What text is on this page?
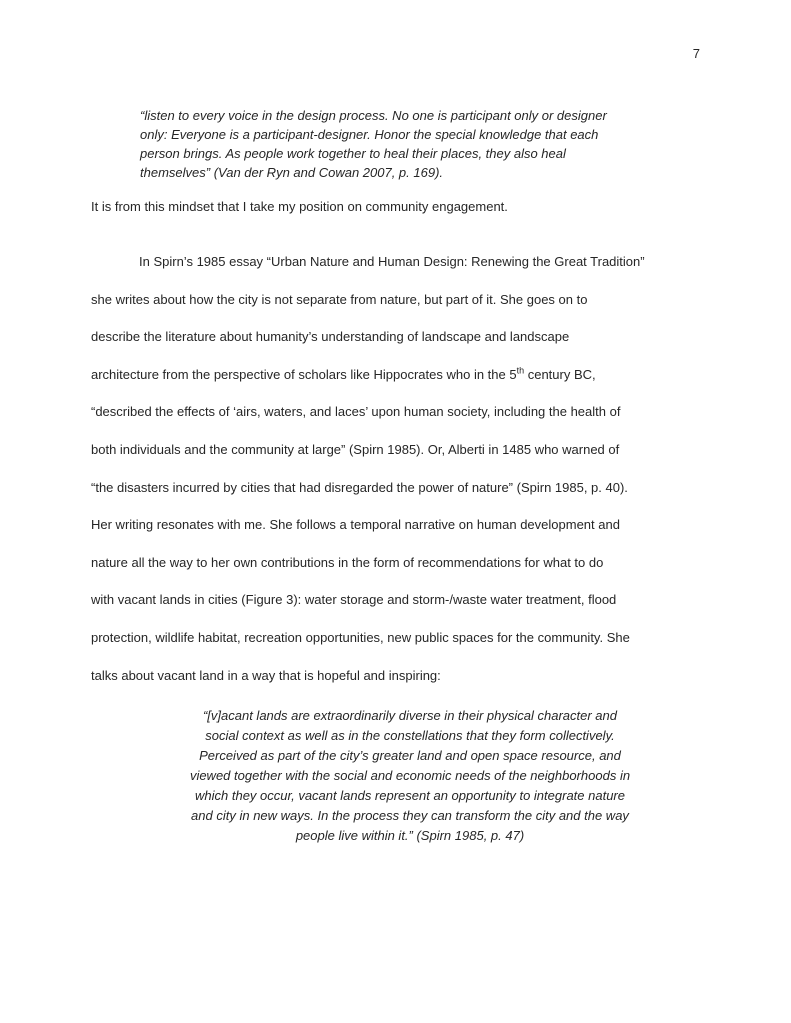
7
“listen to every voice in the design process. No one is participant only or designer
only: Everyone is a participant-designer. Honor the special knowledge that each
person brings. As people work together to heal their places, they also heal
themselves” (Van der Ryn and Cowan 2007, p. 169).
It is from this mindset that I take my position on community engagement.
In Spirn’s 1985 essay “Urban Nature and Human Design: Renewing the Great Tradition”
she writes about how the city is not separate from nature, but part of it. She goes on to
describe the literature about humanity’s understanding of landscape and landscape
architecture from the perspective of scholars like Hippocrates who in the 5th century BC,
“described the effects of ‘airs, waters, and laces’ upon human society, including the health of
both individuals and the community at large” (Spirn 1985). Or, Alberti in 1485 who warned of
“the disasters incurred by cities that had disregarded the power of nature” (Spirn 1985, p. 40).
Her writing resonates with me. She follows a temporal narrative on human development and
nature all the way to her own contributions in the form of recommendations for what to do
with vacant lands in cities (Figure 3): water storage and storm-/waste water treatment, flood
protection, wildlife habitat, recreation opportunities, new public spaces for the community. She
talks about vacant land in a way that is hopeful and inspiring:
“[v]acant lands are extraordinarily diverse in their physical character and
social context as well as in the constellations that they form collectively.
Perceived as part of the city’s greater land and open space resource, and
viewed together with the social and economic needs of the neighborhoods in
which they occur, vacant lands represent an opportunity to integrate nature
and city in new ways. In the process they can transform the city and the way
people live within it.” (Spirn 1985, p. 47)
